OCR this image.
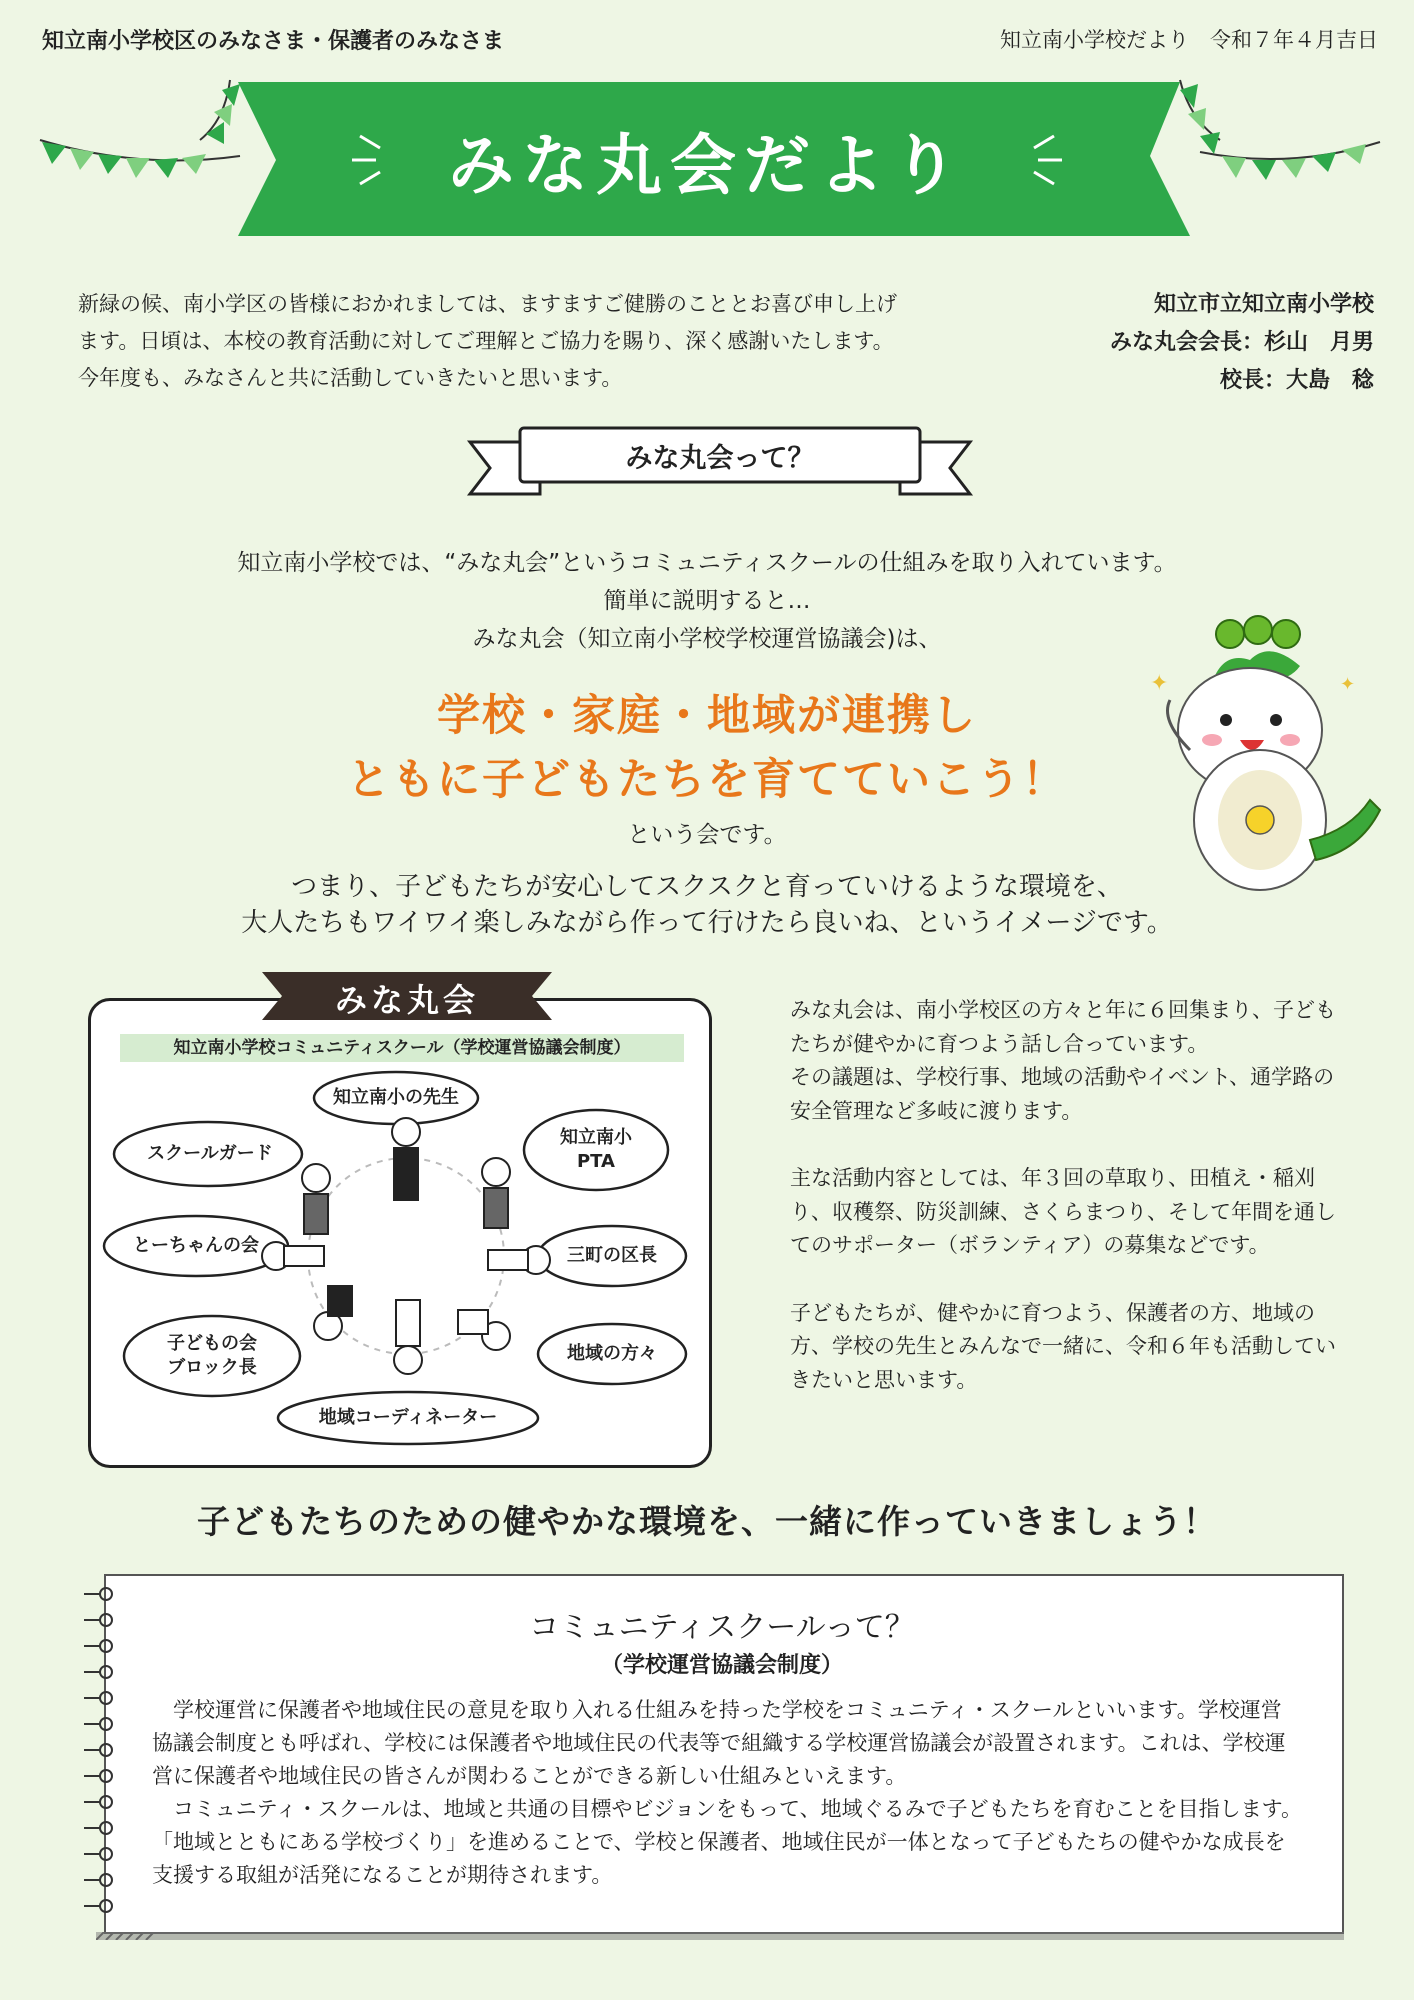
知立南小学校区のみなさま・保護者のみなさま	知立南小学校だより　令和７年４月吉日
みな丸会だより
新緑の候、南小学区の皆様におかれましては、ますますご健勝のこととお喜び申し上げ
ます。日頃は、本校の教育活動に対してご理解とご協力を賜り、深く感謝いたします。
今年度も、みなさんと共に活動していきたいと思います。
知立市立知立南小学校
みな丸会会長：杉山　月男
校長：大島　稔
みな丸会って？
知立南小学校では、“みな丸会”というコミュニティスクールの仕組みを取り入れています。
簡単に説明すると…
みな丸会（知立南小学校学校運営協議会)は、
学校・家庭・地域が連携し
ともに子どもたちを育てていこう！
という会です。
つまり、子どもたちが安心してスクスクと育っていけるような環境を、
大人たちもワイワイ楽しみながら作って行けたら良いね、というイメージです。
✦	✦
みな丸会
知立南小学校コミュニティスクール（学校運営協議会制度）
知立南小の先生
知立南小
PTA
スクールガード
とーちゃんの会	三町の区長
子どもの会
ブロック長
地域の方々
地域コーディネーター

みな丸会は、南小学校区の方々と年に６回集まり、子どもたちが健やかに育つよう話し合っています。

その議題は、学校行事、地域の活動やイベント、通学路の安全管理など多岐に渡ります。

主な活動内容としては、年３回の草取り、田植え・稲刈り、収穫祭、防災訓練、さくらまつり、そして年間を通してのサポーター（ボランティア）の募集などです。

子どもたちが、健やかに育つよう、保護者の方、地域の方、学校の先生とみんなで一緒に、令和６年も活動していきたいと思います。

子どもたちのための健やかな環境を、一緒に作っていきましょう！
コミュニティスクールって？
（学校運営協議会制度）

学校運営に保護者や地域住民の意見を取り入れる仕組みを持った学校をコミュニティ・スクールといいます。学校運営協議会制度とも呼ばれ、学校には保護者や地域住民の代表等で組織する学校運営協議会が設置されます。これは、学校運営に保護者や地域住民の皆さんが関わることができる新しい仕組みといえます。

コミュニティ・スクールは、地域と共通の目標やビジョンをもって、地域ぐるみで子どもたちを育むことを目指します。「地域とともにある学校づくり」を進めることで、学校と保護者、地域住民が一体となって子どもたちの健やかな成長を支援する取組が活発になることが期待されます。
